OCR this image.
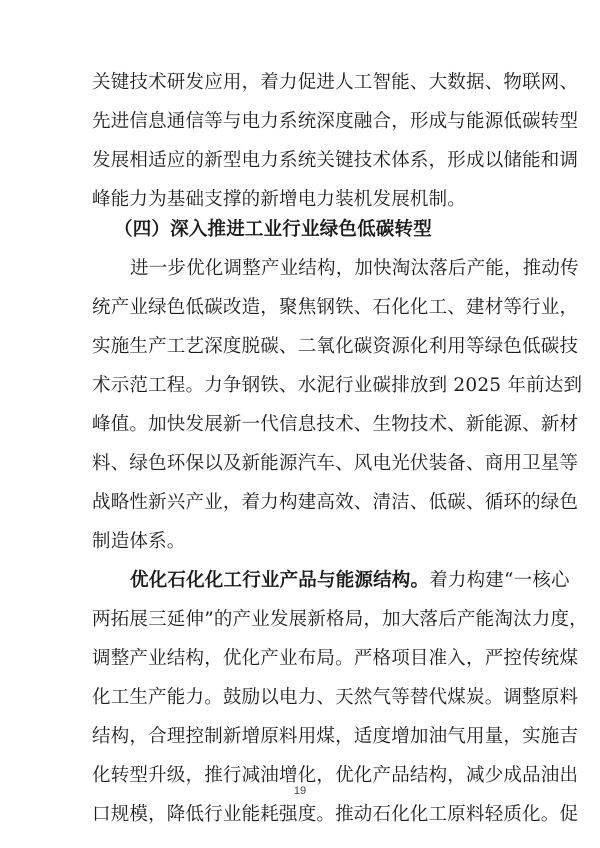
关键技术研发应用，着力促进人工智能、大数据、物联网、
先进信息通信等与电力系统深度融合，形成与能源低碳转型
发展相适应的新型电力系统关键技术体系，形成以储能和调
峰能力为基础支撑的新增电力装机发展机制。
（四）深入推进工业行业绿色低碳转型
进一步优化调整产业结构，加快淘汰落后产能，推动传
统产业绿色低碳改造，聚焦钢铁、石化化工、建材等行业，
实施生产工艺深度脱碳、二氧化碳资源化利用等绿色低碳技
术示范工程。力争钢铁、水泥行业碳排放到 2025 年前达到
峰值。加快发展新一代信息技术、生物技术、新能源、新材
料、绿色环保以及新能源汽车、风电光伏装备、商用卫星等
战略性新兴产业，着力构建高效、清洁、低碳、循环的绿色
制造体系。
优化石化化工行业产品与能源结构。着力构建“一核心
两拓展三延伸”的产业发展新格局，加大落后产能淘汰力度，
调整产业结构，优化产业布局。严格项目准入，严控传统煤
化工生产能力。鼓励以电力、天然气等替代煤炭。调整原料
结构，合理控制新增原料用煤，适度增加油气用量，实施吉
化转型升级，推行减油增化，优化产品结构，减少成品油出
口规模，降低行业能耗强度。推动石化化工原料轻质化。促
19
